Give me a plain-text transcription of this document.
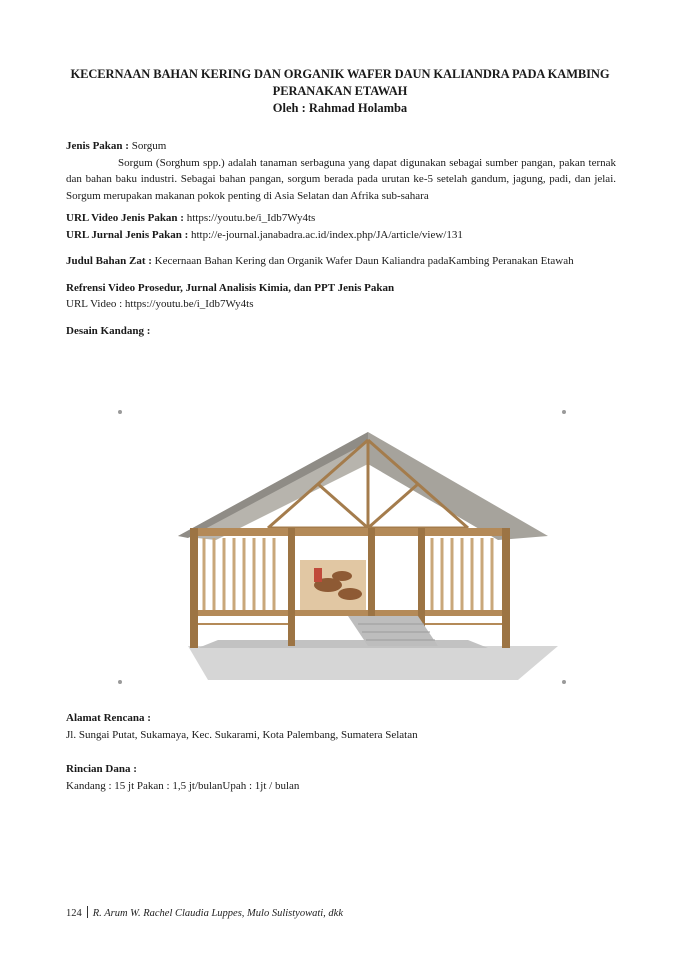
KECERNAAN BAHAN KERING DAN ORGANIK WAFER DAUN KALIANDRA PADA KAMBING
PERANAKAN ETAWAH
Oleh : Rahmad Holamba
Jenis Pakan : Sorgum
Sorgum (Sorghum spp.) adalah tanaman serbaguna yang dapat digunakan sebagai sumber pangan, pakan ternak dan bahan baku industri. Sebagai bahan pangan, sorgum berada pada urutan ke-5 setelah gandum, jagung, padi, dan jelai. Sorgum merupakan makanan pokok penting di Asia Selatan dan Afrika sub-sahara
URL Video Jenis Pakan : https://youtu.be/i_Idb7Wy4ts
URL Jurnal Jenis Pakan : http://e-journal.janabadra.ac.id/index.php/JA/article/view/131
Judul Bahan Zat : Kecernaan Bahan Kering dan Organik Wafer Daun Kaliandra padaKambing Peranakan Etawah
Refrensi Video Prosedur, Jurnal Analisis Kimia, dan PPT Jenis Pakan
URL Video : https://youtu.be/i_Idb7Wy4ts
Desain Kandang :
Alamat Rencana :
Jl. Sungai Putat, Sukamaya, Kec. Sukarami, Kota Palembang, Sumatera Selatan
Rincian Dana :
Kandang : 15 jt Pakan : 1,5 jt/bulanUpah : 1jt / bulan
124 R. Arum W. Rachel Claudia Luppes, Mulo Sulistyowati, dkk
